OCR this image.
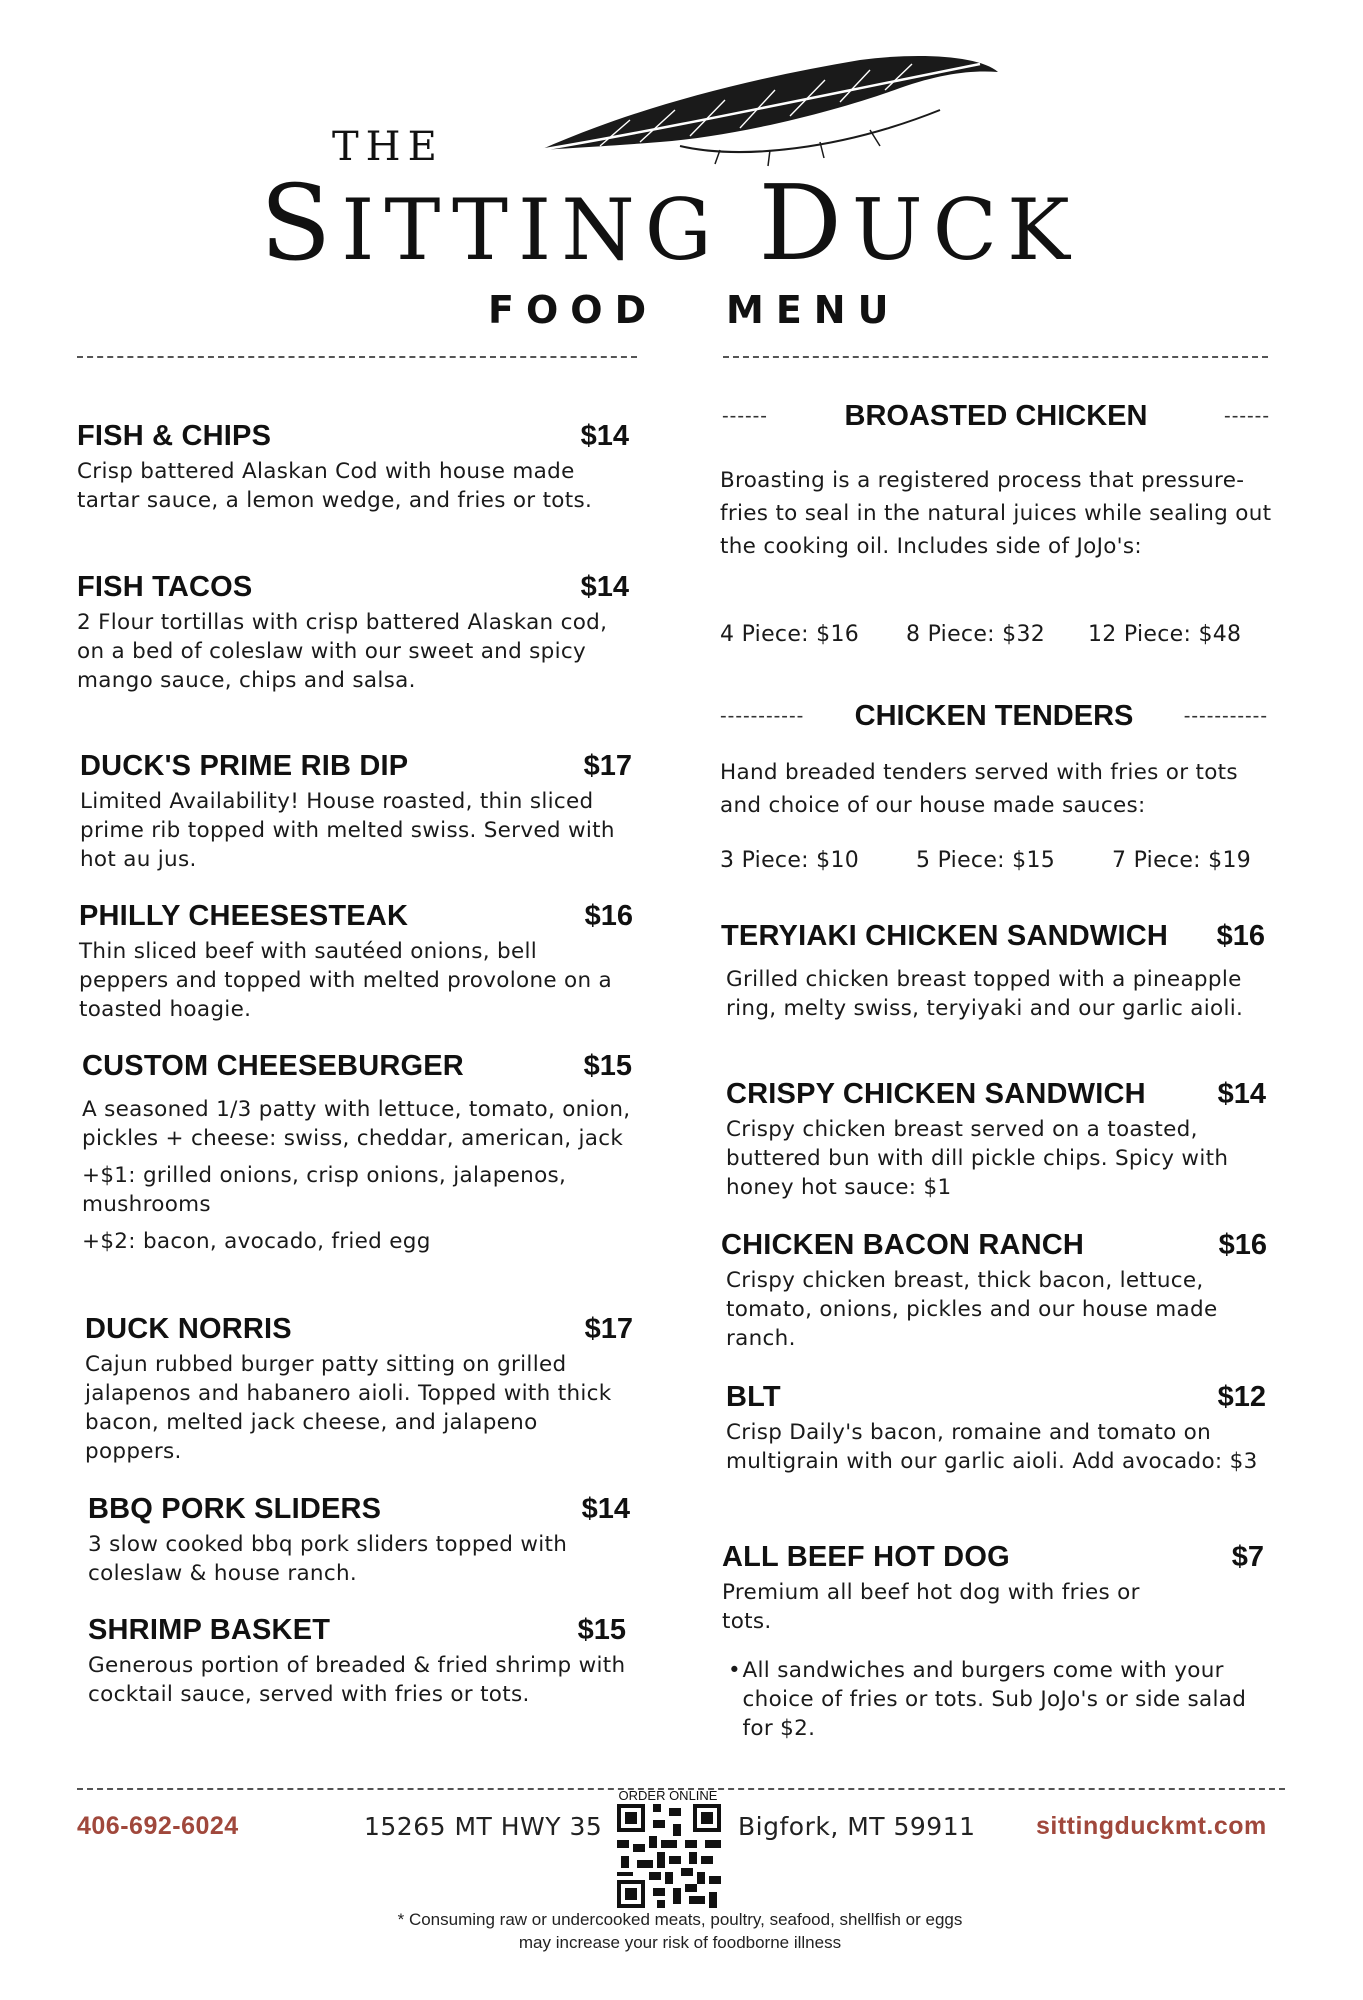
THE
SITTING DUCK
FOOD MENU
FISH & CHIPS	$14
Crisp battered Alaskan Cod with house made tartar sauce, a lemon wedge, and fries or tots.
FISH TACOS	$14
2 Flour tortillas with crisp battered Alaskan cod, on a bed of coleslaw with our sweet and spicy mango sauce, chips and salsa.
DUCK'S PRIME RIB DIP	$17
Limited Availability! House roasted, thin sliced prime rib topped with melted swiss. Served with hot au jus.
PHILLY CHEESESTEAK	$16
Thin sliced beef with sautéed onions, bell peppers and topped with melted provolone on a toasted hoagie.
CUSTOM CHEESEBURGER	$15
A seasoned 1/3 patty with lettuce, tomato, onion, pickles + cheese: swiss, cheddar, american, jack
+$1: grilled onions, crisp onions, jalapenos, mushrooms
+$2: bacon, avocado, fried egg
DUCK NORRIS	$17
Cajun rubbed burger patty sitting on grilled jalapenos and habanero aioli. Topped with thick bacon, melted jack cheese, and jalapeno poppers.
BBQ PORK SLIDERS	$14
3 slow cooked bbq pork sliders topped with coleslaw & house ranch.
SHRIMP BASKET	$15
Generous portion of breaded & fried shrimp with cocktail sauce, served with fries or tots.
------	BROASTED CHICKEN	------
Broasting is a registered process that pressure-fries to seal in the natural juices while sealing out the cooking oil. Includes side of JoJo's:
4 Piece: $16	8 Piece: $32	12 Piece: $48
----------- CHICKEN TENDERS	-----------
Hand breaded tenders served with fries or tots and choice of our house made sauces:
3 Piece: $10	5 Piece: $15	7 Piece: $19
TERYIAKI CHICKEN SANDWICH $16
Grilled chicken breast topped with a pineapple ring, melty swiss, teryiyaki and our garlic aioli.
CRISPY CHICKEN SANDWICH $14
Crispy chicken breast served on a toasted, buttered bun with dill pickle chips. Spicy with honey hot sauce: $1
CHICKEN BACON RANCH	$16
Crispy chicken breast, thick bacon, lettuce, tomato, onions, pickles and our house made ranch.
BLT	$12
Crisp Daily's bacon, romaine and tomato on multigrain with our garlic aioli. Add avocado: $3
ALL BEEF HOT DOG	$7
Premium all beef hot dog with fries or tots.
• All sandwiches and burgers come with your choice of fries or tots. Sub JoJo's or side salad for $2.
406-692-6024	15265 MT HWY 35
ORDER ONLINE
Bigfork, MT 59911 sittingduckmt.com
* Consuming raw or undercooked meats, poultry, seafood, shellfish or eggs may increase your risk of foodborne illness
